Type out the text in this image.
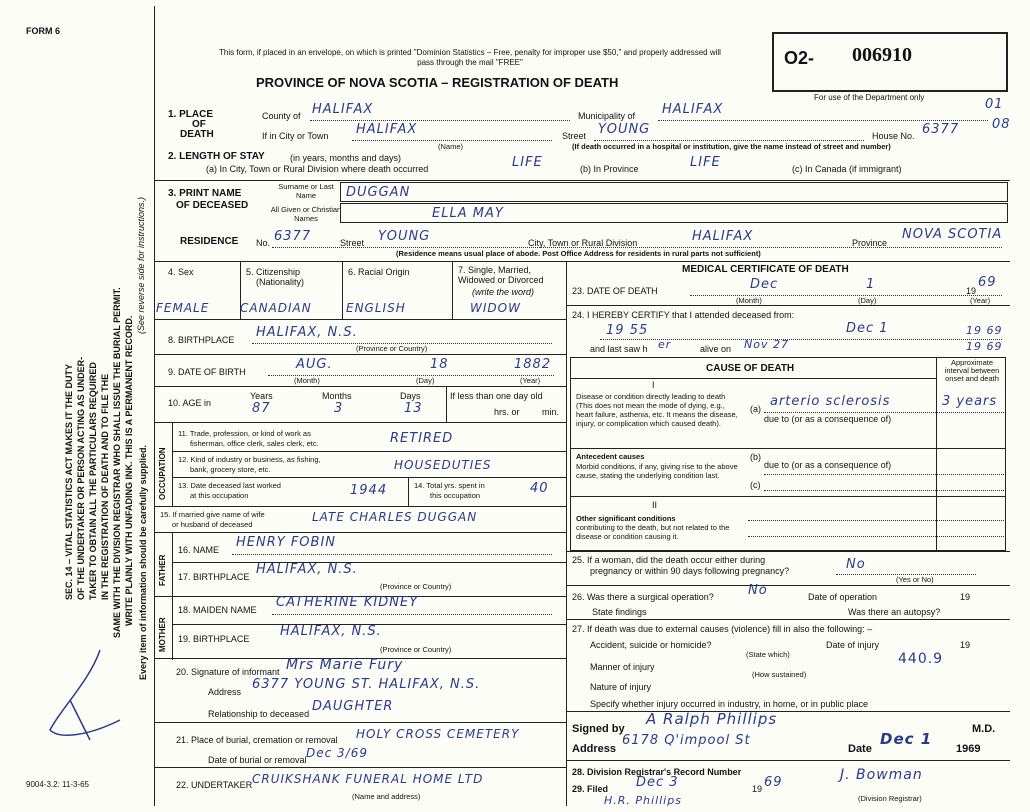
FORM 6
9004-3.2: 11-3-65
SEC. 14 – VITAL STATISTICS ACT MAKES IT THE DUTY OF THE UNDERTAKER OR PERSON ACTING AS UNDER- TAKER TO OBTAIN ALL THE PARTICULARS REQUIRED IN THE REGISTRATION OF DEATH AND TO FILE THE SAME WITH THE DIVISION REGISTRAR WHO SHALL ISSUE THE BURIAL PERMIT. WRITE PLAINLY WITH UNFADING INK. THIS IS A PERMANENT RECORD.
(See reverse side for instructions.)
Every item of information should be carefully supplied.
This form, if placed in an envelope, on which is printed "Dominion Statistics – Free, penalty for improper use $50," and properly addressed will pass through the mail "FREE"
PROVINCE OF NOVA SCOTIA – REGISTRATION OF DEATH
O2- 006910
For use of the Department only	01
08
1. PLACE
OF
DEATH
County of HALIFAX	Municipality of HALIFAX
If in City or Town HALIFAX
(Name)
Street YOUNG	House No. 6377
(If death occurred in a hospital or institution, give the name instead of street and number)
2. LENGTH OF STAY	(in years, months and days)
(a) In City, Town or Rural Division where death occurred	LIFE	(b) In Province	LIFE	(c) In Canada (if immigrant)
3. PRINT NAME
OF DECEASED
Surname or Last Name
All Given or Christian Names
DUGGAN
ELLA MAY
RESIDENCE No. 6377	Street YOUNG	City, Town or Rural Division	HALIFAX	Province
NOVA SCOTIA
(Residence means usual place of abode. Post Office Address for residents in rural parts not sufficient)
4. Sex
FEMALE
5. Citizenship
(Nationality)
CANADIAN
6. Racial Origin
ENGLISH
7. Single, Married, Widowed or Divorced
(write the word)
WIDOW
8. BIRTHPLACE HALIFAX, N.S.
(Province or Country)
9. DATE OF BIRTH	AUG.	18	1882
(Month)	(Day)	(Year)
10. AGE in
Years
87
Months
3
Days
13
If less than one day old
hrs. or min.
OCCUPATION
11. Trade, profession, or kind of work as
fisherman, office clerk, sales clerk, etc.	RETIRED
12. Kind of industry or business, as fishing,
bank, grocery store, etc.	HOUSEDUTIES
13. Date deceased last worked
at this occupation	1944	14. Total yrs. spent in
this occupation	40
15. If married give name of wife
or husband of deceased
LATE CHARLES DUGGAN
FATHER
16. NAME HENRY FOBIN
17. BIRTHPLACE HALIFAX, N.S.
(Province or Country)
MOTHER
18. MAIDEN NAME CATHERINE KIDNEY
19. BIRTHPLACE HALIFAX, N.S.
(Province or Country)
20. Signature of informant Mrs Marie Fury
Address 6377 YOUNG ST. HALIFAX, N.S.
Relationship to deceased DAUGHTER
21. Place of burial, cremation or removal HOLY CROSS CEMETERY
Date of burial or removal Dec 3/69
22. UNDERTAKER CRUIKSHANK FUNERAL HOME LTD
(Name and address)
MEDICAL CERTIFICATE OF DEATH
23. DATE OF DEATH	Dec	1	19
69
(Month)	(Day)	(Year)
24. I HEREBY CERTIFY that I attended deceased from:
19 55	Dec 1	19 69
and last saw h er	alive on Nov 27	19 69
CAUSE OF DEATH
Approximate interval between onset and death
I
Disease or condition directly leading to death (This does not mean the mode of dying, e.g., heart failure, asthenia, etc. It means the disease, injury, or complication which caused death).
(a) arterio sclerosis	3 years
due to (or as a consequence of)
Antecedent causes
Morbid conditions, if any, giving rise to the above cause, stating the underlying condition last.
(b)
due to (or as a consequence of)
(c)
II
Other significant conditions
contributing to the death, but not related to the disease or condition causing it.
25. If a woman, did the death occur either during
pregnancy or within 90 days following pregnancy?	No
(Yes or No)
26. Was there a surgical operation?	No	Date of operation	19
State findings	Was there an autopsy?
27. If death was due to external causes (violence) fill in also the following: –
Accident, suicide or homicide?
(State which)
Date of injury	19
440.9
Manner of injury
(How sustained)
Nature of injury
Specify whether injury occurred in industry, in home, or in public place
Signed by
A Ralph Phillips
M.D.
Address
6178 Q'impool St
Date
Dec 1
1969
28. Division Registrar's Record Number
29. Filed Dec 3	19 69	J. Bowman
(Division Registrar)
H.R. Phillips
